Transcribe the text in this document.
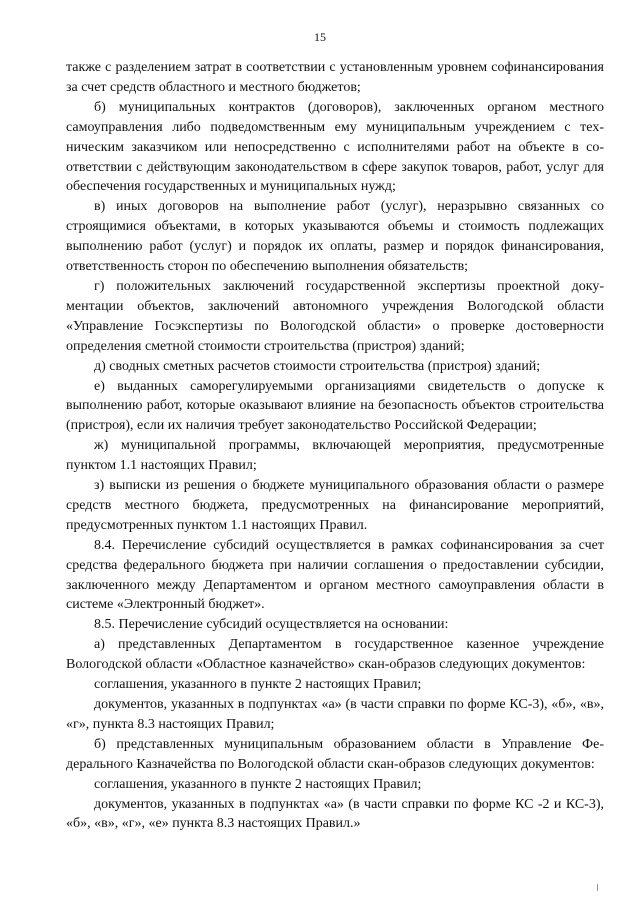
15

также с разделением затрат в соответствии с установленным уровнем софинансирования за счет средств областного и местного бюджетов;

б) муниципальных контрактов (договоров), заключенных органом местного самоуправления либо подведомственным ему муниципальным учреждением с техническим заказчиком или непосредственно с исполнителями работ на объекте в соответствии с действующим законодательством в сфере закупок товаров, работ, услуг для обеспечения государственных и муниципальных нужд;

в) иных договоров на выполнение работ (услуг), неразрывно связанных со строящимися объектами, в которых указываются объемы и стоимость подлежащих выполнению работ (услуг) и порядок их оплаты, размер и порядок финансирования, ответственность сторон по обеспечению выполнения обязательств;

г) положительных заключений государственной экспертизы проектной документации объектов, заключений автономного учреждения Вологодской области «Управление Госэкспертизы по Вологодской области» о проверке достоверности определения сметной стоимости строительства (пристроя) зданий;

д) сводных сметных расчетов стоимости строительства (пристроя) зданий;

е) выданных саморегулируемыми организациями свидетельств о допуске к выполнению работ, которые оказывают влияние на безопасность объектов строительства (пристроя), если их наличия требует законодательство Российской Федерации;

ж) муниципальной программы, включающей мероприятия, предусмотренные пунктом 1.1 настоящих Правил;

з) выписки из решения о бюджете муниципального образования области о размере средств местного бюджета, предусмотренных на финансирование мероприятий, предусмотренных пунктом 1.1 настоящих Правил.

8.4. Перечисление субсидий осуществляется в рамках софинансирования за счет средства федерального бюджета при наличии соглашения о предоставлении субсидии, заключенного между Департаментом и органом местного самоуправления области в системе «Электронный бюджет».

8.5. Перечисление субсидий осуществляется на основании:

а) представленных Департаментом в государственное казенное учреждение Вологодской области «Областное казначейство» скан-образов следующих документов:

соглашения, указанного в пункте 2 настоящих Правил;

документов, указанных в подпунктах «а» (в части справки по форме КС-3), «б», «в», «г», пункта 8.3 настоящих Правил;

б) представленных муниципальным образованием области в Управление Федерального Казначейства по Вологодской области скан-образов следующих документов:

соглашения, указанного в пункте 2 настоящих Правил;

документов, указанных в подпунктах «а» (в части справки по форме КС -2 и КС-3), «б», «в», «г», «е» пункта 8.3 настоящих Правил.»
